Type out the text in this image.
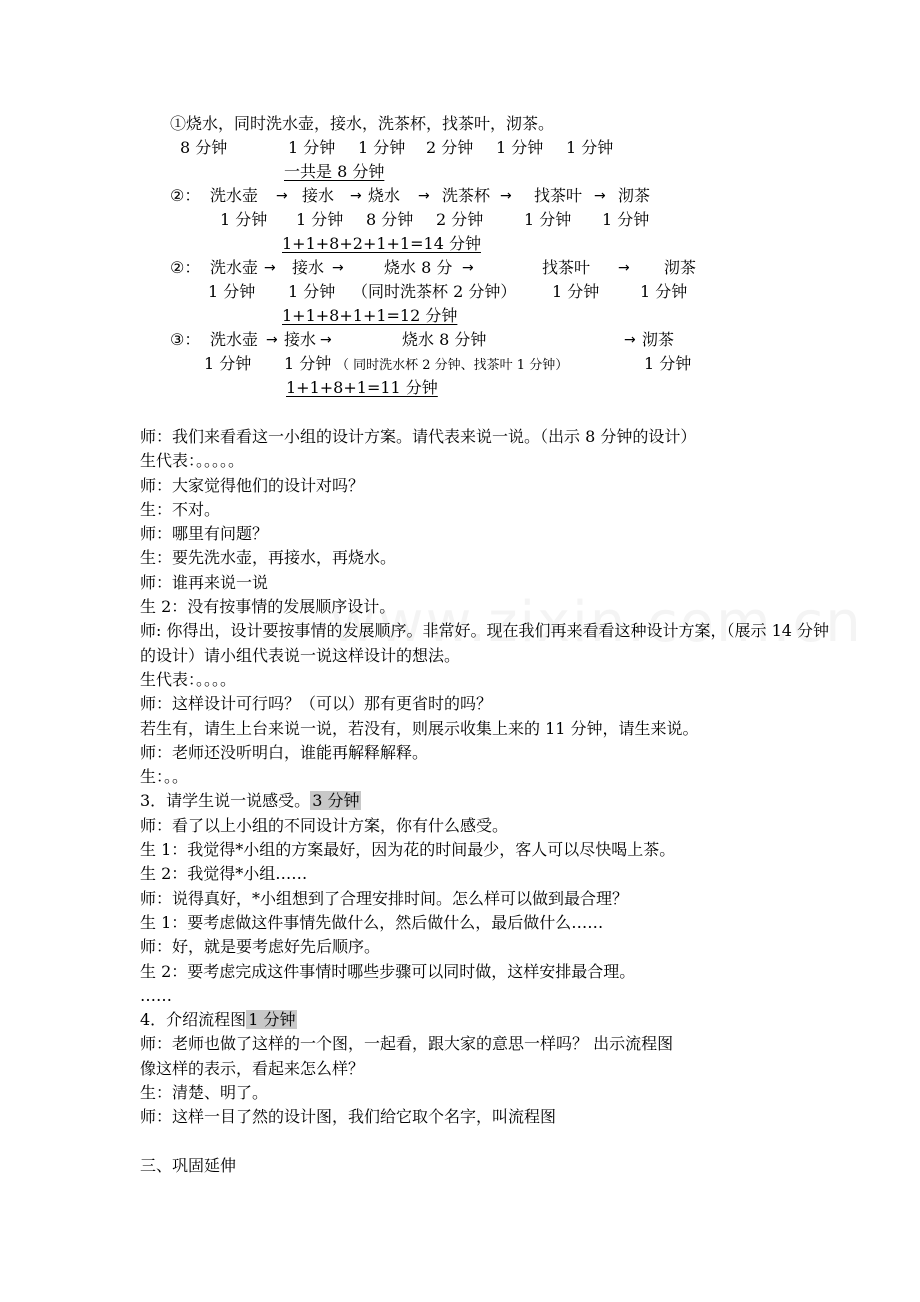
①烧水，同时洗水壶，接水，洗茶杯，找茶叶，沏茶。
8 分钟	1 分钟 1 分钟 2 分钟 1 分钟 1 分钟
一共是 8 分钟
②： 洗水壶 → 接水 → 烧水 → 洗茶杯 → 找茶叶 → 沏茶
1 分钟 1 分钟 8 分钟 2 分钟	1 分钟 1 分钟
1+1+8+2+1+1=14 分钟
②： 洗水壶 → 接水 →	烧水 8 分 →	找茶叶 → 沏茶
1 分钟 1 分钟 （同时洗茶杯 2 分钟） 1 分钟	1 分钟
1+1+8+1+1=12 分钟
③： 洗水壶 → 接水 →	烧水 8 分钟	→ 沏茶
1 分钟 1 分钟 （ 同时洗水杯 2 分钟、找茶叶 1 分钟）	1 分钟
1+1+8+1=11 分钟
师：我们来看看这一小组的设计方案。请代表来说一说。（出示 8 分钟的设计）
生代表：。。。。。
师：大家觉得他们的设计对吗？
生：不对。
师：哪里有问题？
生：要先洗水壶，再接水，再烧水。
师：谁再来说一说
生 2：没有按事情的发展顺序设计。
师: 你得出，设计要按事情的发展顺序。非常好。现在我们再来看看这种设计方案，（展示 14 分钟的设计）请小组代表说一说这样设计的想法。
生代表：。。。。
师：这样设计可行吗？（可以）那有更省时的吗？
若生有，请生上台来说一说，若没有，则展示收集上来的 11 分钟，请生来说。
师：老师还没听明白，谁能再解释解释。
生：。。
3．请学生说一说感受。 3 分钟
师：看了以上小组的不同设计方案，你有什么感受。
生 1：我觉得*小组的方案最好，因为花的时间最少，客人可以尽快喝上茶。
生 2：我觉得*小组……
师：说得真好，*小组想到了合理安排时间。怎么样可以做到最合理？
生 1：要考虑做这件事情先做什么，然后做什么，最后做什么……
师：好，就是要考虑好先后顺序。
生 2：要考虑完成这件事情时哪些步骤可以同时做，这样安排最合理。
……
4．介绍流程图 1 分钟
师：老师也做了这样的一个图，一起看，跟大家的意思一样吗？ 出示流程图
像这样的表示，看起来怎么样？
生：清楚、明了。
师：这样一目了然的设计图，我们给它取个名字，叫流程图
三、巩固延伸
